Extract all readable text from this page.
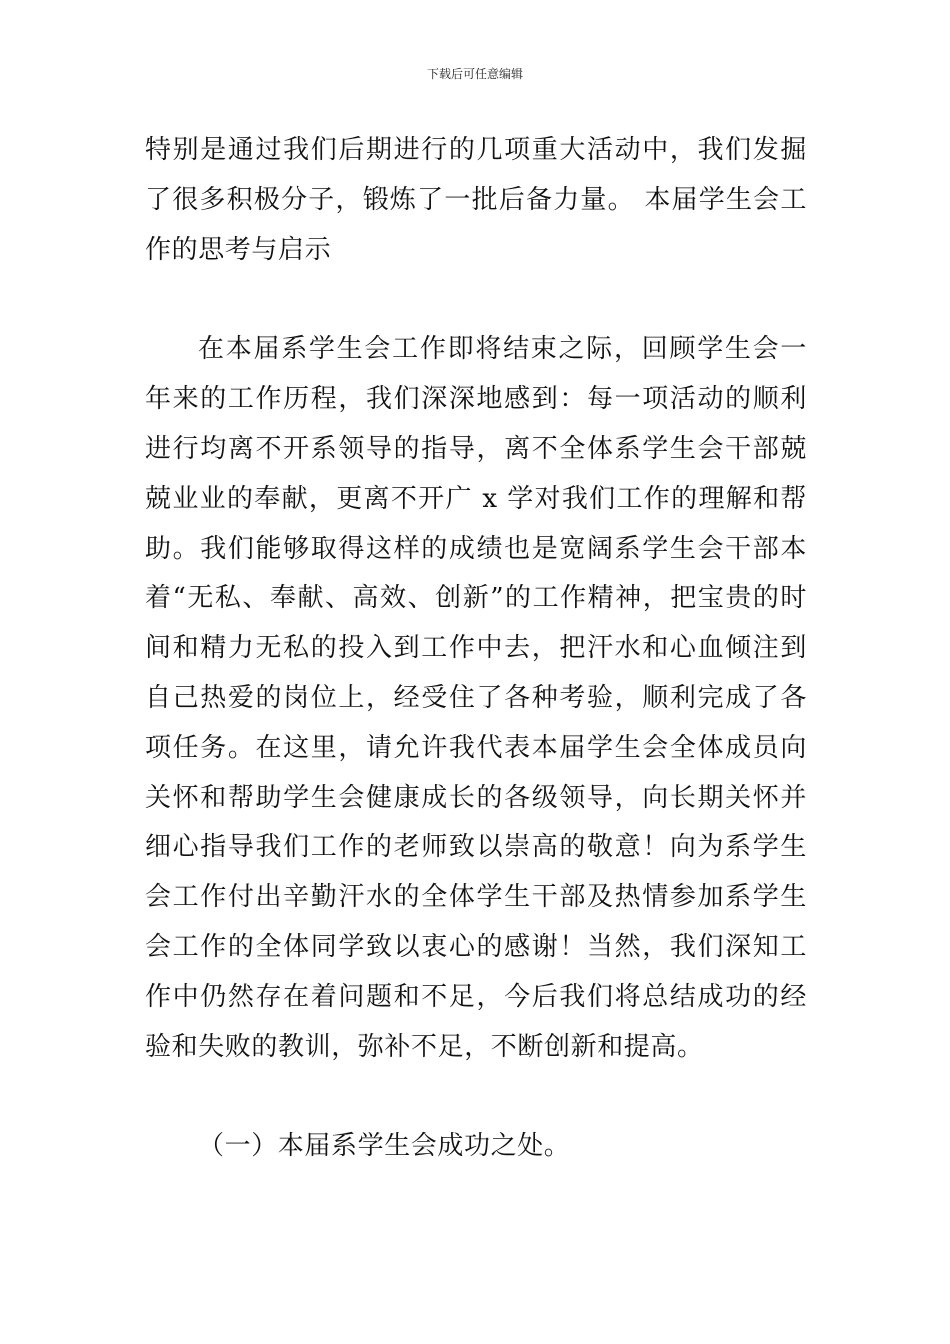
下载后可任意编辑

特别是通过我们后期进行的几项重大活动中，我们发掘了很多积极分子，锻炼了一批后备力量。 本届学生会工作的思考与启示

在本届系学生会工作即将结束之际，回顾学生会一年来的工作历程，我们深深地感到：每一项活动的顺利进行均离不开系领导的指导，离不全体系学生会干部兢兢业业的奉献，更离不开广 x 学对我们工作的理解和帮助。我们能够取得这样的成绩也是宽阔系学生会干部本着“无私、奉献、高效、创新”的工作精神，把宝贵的时间和精力无私的投入到工作中去，把汗水和心血倾注到自己热爱的岗位上，经受住了各种考验，顺利完成了各项任务。在这里，请允许我代表本届学生会全体成员向关怀和帮助学生会健康成长的各级领导，向长期关怀并细心指导我们工作的老师致以崇高的敬意！向为系学生会工作付出辛勤汗水的全体学生干部及热情参加系学生会工作的全体同学致以衷心的感谢！当然，我们深知工作中仍然存在着问题和不足，今后我们将总结成功的经验和失败的教训，弥补不足，不断创新和提高。

（一）本届系学生会成功之处。
